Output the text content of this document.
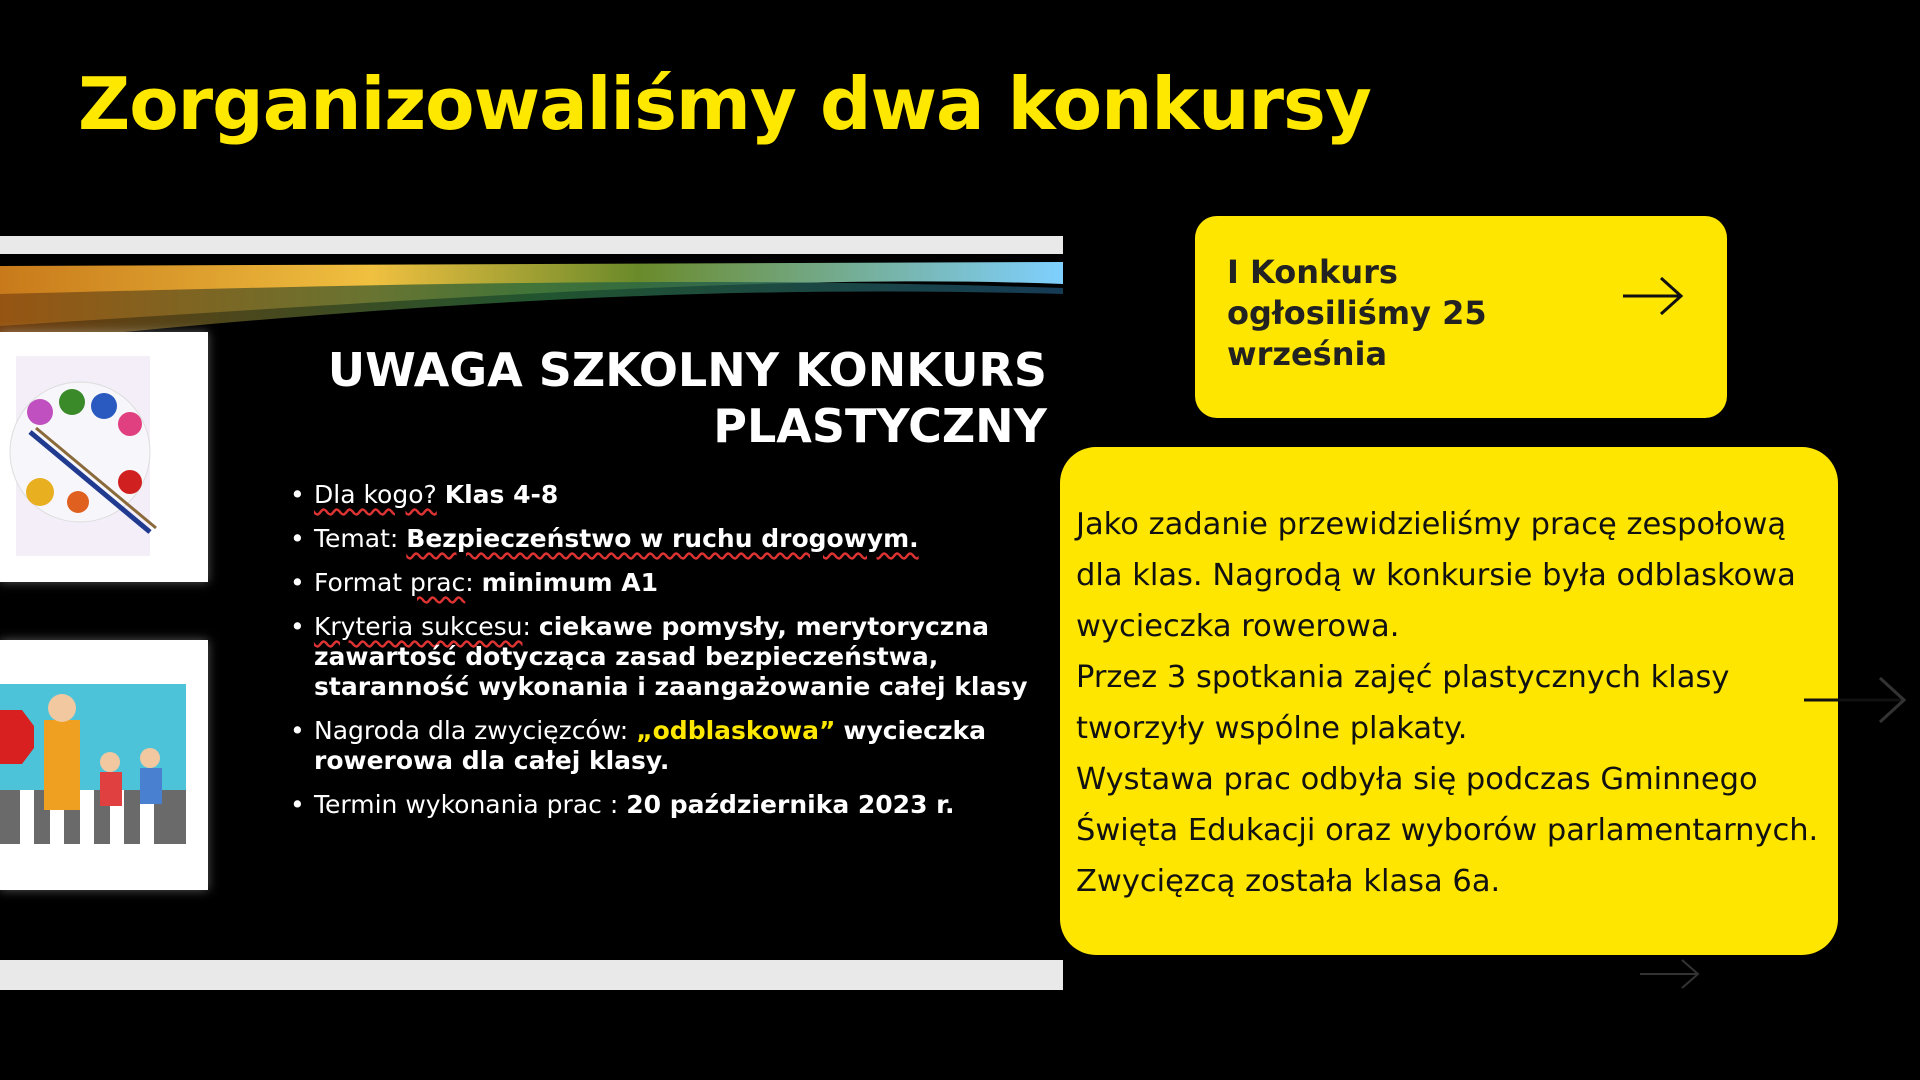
Zorganizowaliśmy dwa konkursy
UWAGA SZKOLNY KONKURS
PLASTYCZNY
• Dla kogo? Klas 4-8
• Temat: Bezpieczeństwo w ruchu drogowym.
• Format prac: minimum A1
• Kryteria sukcesu: ciekawe pomysły, merytoryczna zawartość dotycząca zasad bezpieczeństwa, staranność wykonania i zaangażowanie całej klasy
• Nagroda dla zwycięzców: „odblaskowa” wycieczka rowerowa dla całej klasy.
• Termin wykonania prac : 20 października 2023 r.
I Konkurs ogłosiliśmy 25 września
Jako zadanie przewidzieliśmy pracę zespołową dla klas. Nagrodą w konkursie była odblaskowa wycieczka rowerowa.
Przez 3 spotkania zajęć plastycznych klasy tworzyły wspólne plakaty.
Wystawa prac odbyła się podczas Gminnego Święta Edukacji oraz wyborów parlamentarnych. Zwycięzcą została klasa 6a.
